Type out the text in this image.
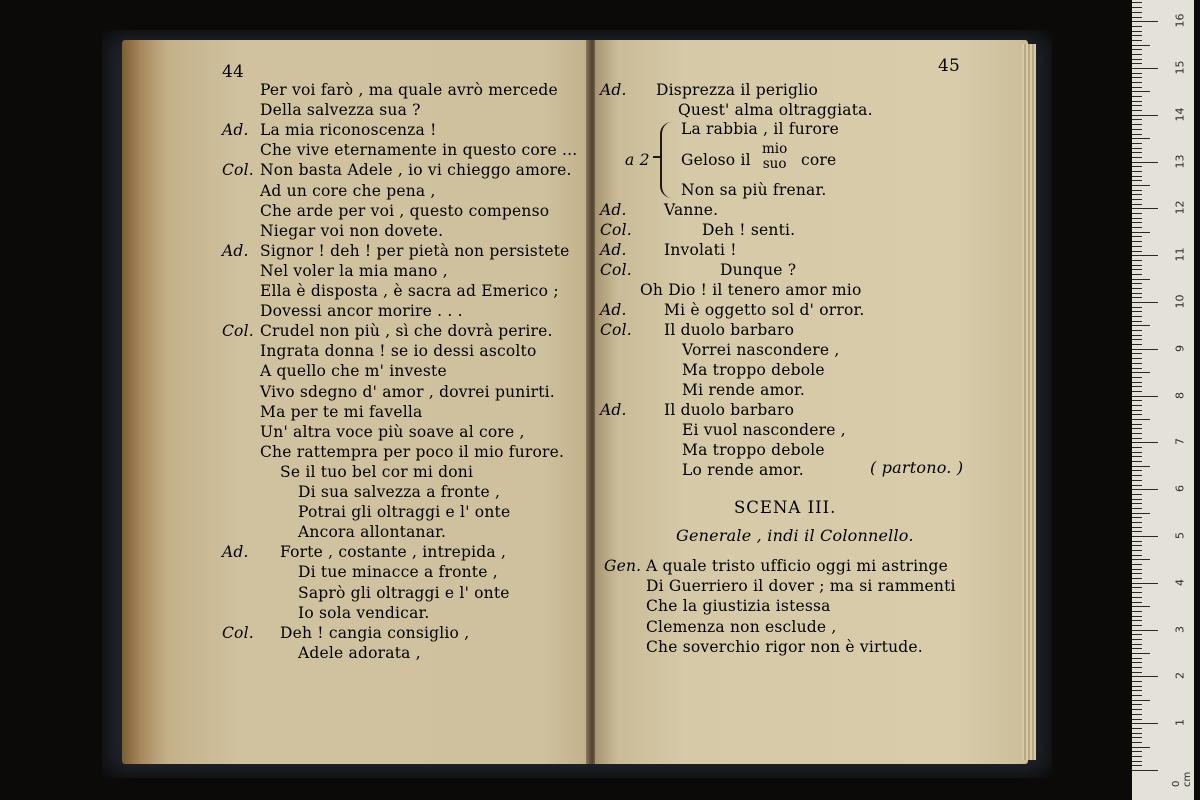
44
Per voi farò , ma quale avrò mercede
Della salvezza sua ?
Ad. La mia riconoscenza !
Che vive eternamente in questo core ...
Col. Non basta Adele , io vi chieggo amore.
Ad un core che pena ,
Che arde per voi , questo compenso
Niegar voi non dovete.
Ad. Signor ! deh ! per pietà non persistete
Nel voler la mia mano ,
Ella è disposta , è sacra ad Emerico ;
Dovessi ancor morire . . .
Col. Crudel non più , sì che dovrà perire.
Ingrata donna ! se io dessi ascolto
A quello che m' investe
Vivo sdegno d' amor , dovrei punirti.
Ma per te mi favella
Un' altra voce più soave al core ,
Che rattempra per poco il mio furore.
Se il tuo bel cor mi doni
Di sua salvezza a fronte ,
Potrai gli oltraggi e l' onte
Ancora allontanar.
Ad. Forte , costante , intrepida ,
Di tue minacce a fronte ,
Saprò gli oltraggi e l' onte
Io sola vendicar.
Col. Deh ! cangia consiglio ,
Adele adorata ,
45
Ad. Disprezza il periglio
Quest' alma oltraggiata.
a 2
La rabbia , il furore
Geloso il
mio
suo core
Non sa più frenar.
Ad. Vanne.
Col.	Deh ! senti.
Ad. Involati !
Col.	Dunque ?
Oh Dio ! il tenero amor mio
Ad. Mi è oggetto sol d' orror.
Col. Il duolo barbaro
Vorrei nascondere ,
Ma troppo debole
Mi rende amor.
Ad. Il duolo barbaro
Ei vuol nascondere ,
Ma troppo debole
Lo rende amor.	( partono. )
SCENA III.
Generale , indi il Colonnello.
Gen. A quale tristo ufficio oggi mi astringe
Di Guerriero il dover ; ma si rammenti
Che la giustizia istessa
Clemenza non esclude ,
Che soverchio rigor non è virtude.
0 cm
1
2
3
4
5
6
7
8
9
10
11
12
13
14
15
16
